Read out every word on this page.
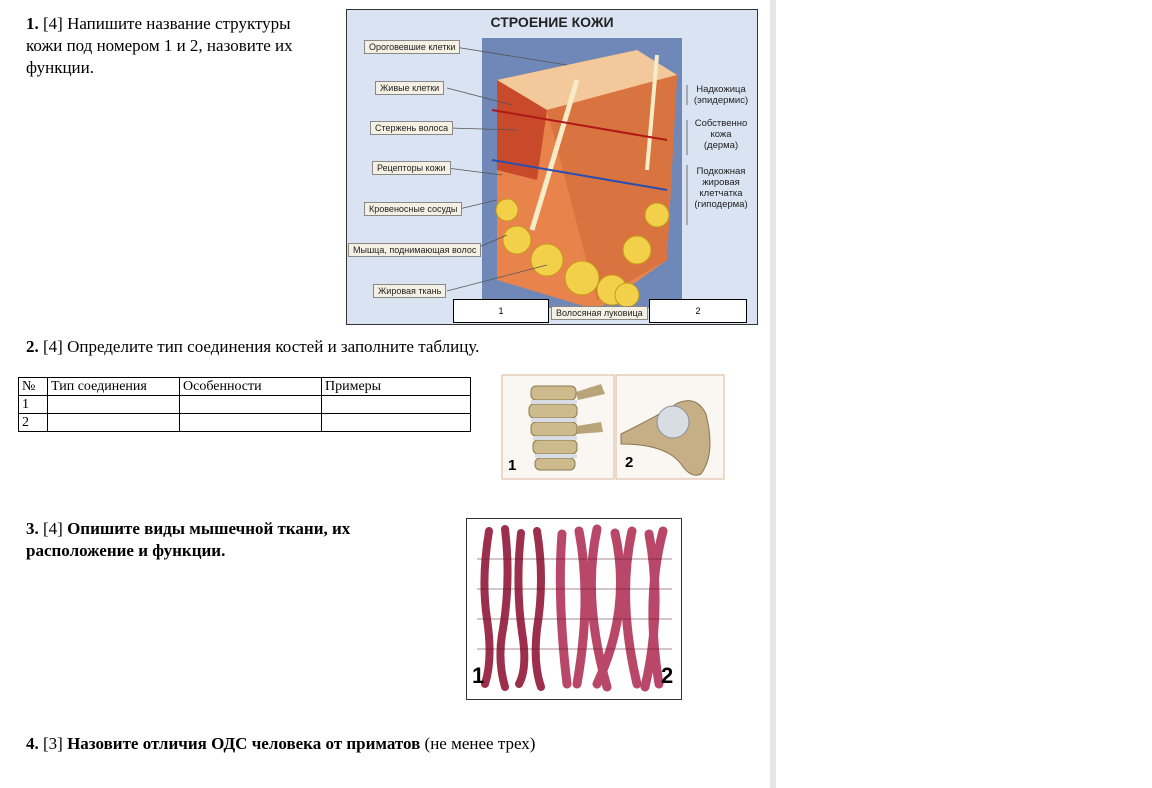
1. [4] Напишите название структуры кожи под номером 1 и 2, назовите их функции.
СТРОЕНИЕ КОЖИ
Ороговевшие клетки
Живые клетки
Стержень волоса
Рецепторы кожи
Кровеносные сосуды
Мышца, поднимающая волос
Жировая ткань
Надкожица
(эпидермис)
Собственно
кожа
(дерма)
Подкожная
жировая
клетчатка
(гиподерма)
1	Волосяная луковица	2
2. [4] Определите тип соединения костей и заполните таблицу.
№	Тип соединения	Особенности	Примеры
1			
2			
1	2
3. [4] Опишите виды мышечной ткани, их расположение и функции.
1	2
4. [3] Назовите отличия ОДС человека от приматов (не менее трех)
